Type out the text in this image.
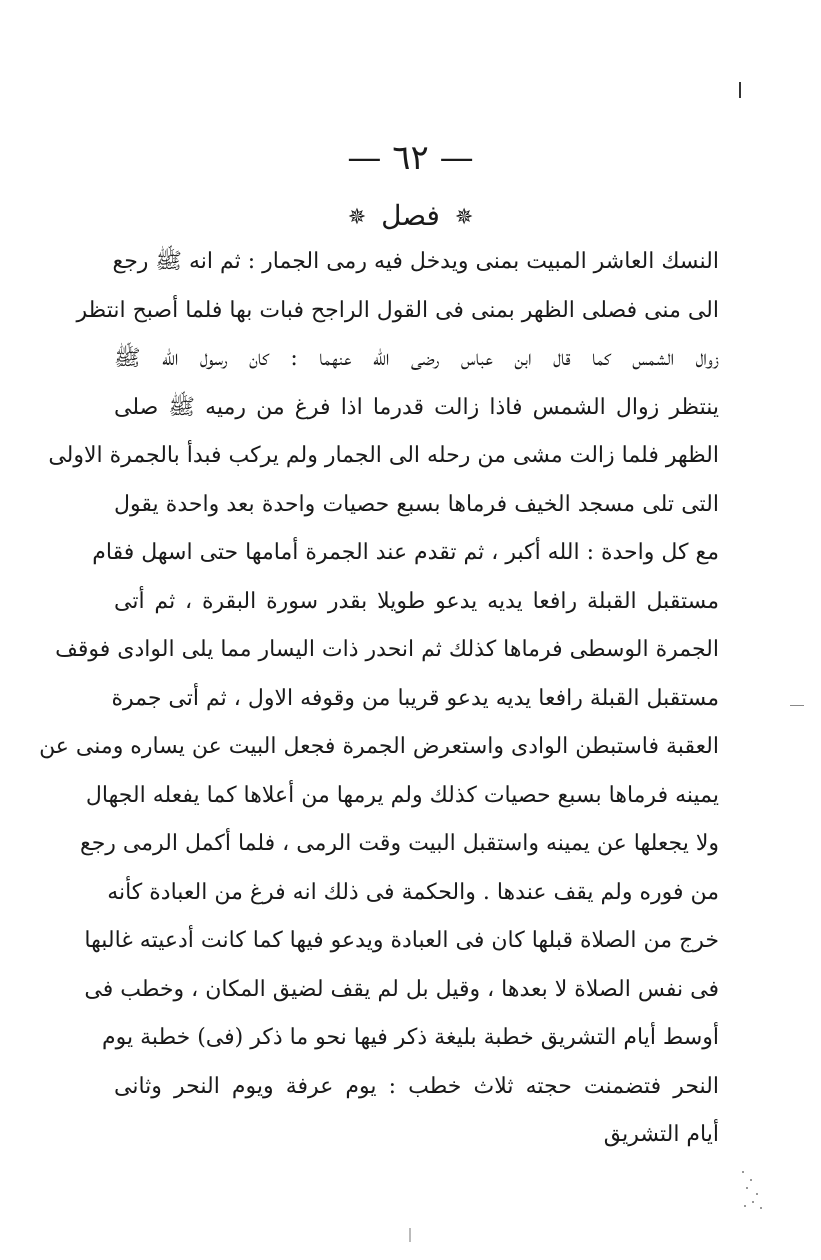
— ٦٢ —
✵ فصل ✵
النسك العاشر المبيت بمنى ويدخل فيه رمى الجمار : ثم انه ﷺ رجع
الى منى فصلى الظهر بمنى فى القول الراجح فبات بها فلما أصبح انتظر
زوال الشمس كما قال ابن عباس رضى الله عنهما : كان رسول الله ﷺ
ينتظر زوال الشمس فاذا زالت قدرما اذا فرغ من رميه ﷺ صلى
الظهر فلما زالت مشى من رحله الى الجمار ولم يركب فبدأ بالجمرة الاولى
التى تلى مسجد الخيف فرماها بسبع حصيات واحدة بعد واحدة يقول
مع كل واحدة : الله أكبر ، ثم تقدم عند الجمرة أمامها حتى اسهل فقام
مستقبل القبلة رافعا يديه يدعو طويلا بقدر سورة البقرة ، ثم أتى
الجمرة الوسطى فرماها كذلك ثم انحدر ذات اليسار مما يلى الوادى فوقف
مستقبل القبلة رافعا يديه يدعو قريبا من وقوفه الاول ، ثم أتى جمرة
العقبة فاستبطن الوادى واستعرض الجمرة فجعل البيت عن يساره ومنى عن
يمينه فرماها بسبع حصيات كذلك ولم يرمها من أعلاها كما يفعله الجهال
ولا يجعلها عن يمينه واستقبل البيت وقت الرمى ، فلما أكمل الرمى رجع
من فوره ولم يقف عندها . والحكمة فى ذلك انه فرغ من العبادة كأنه
خرج من الصلاة قبلها كان فى العبادة ويدعو فيها كما كانت أدعيته غالبها
فى نفس الصلاة لا بعدها ، وقيل بل لم يقف لضيق المكان ، وخطب فى
أوسط أيام التشريق خطبة بليغة ذكر فيها نحو ما ذكر (فى) خطبة يوم
النحر فتضمنت حجته ثلاث خطب : يوم عرفة ويوم النحر وثانى
أيام التشريق
